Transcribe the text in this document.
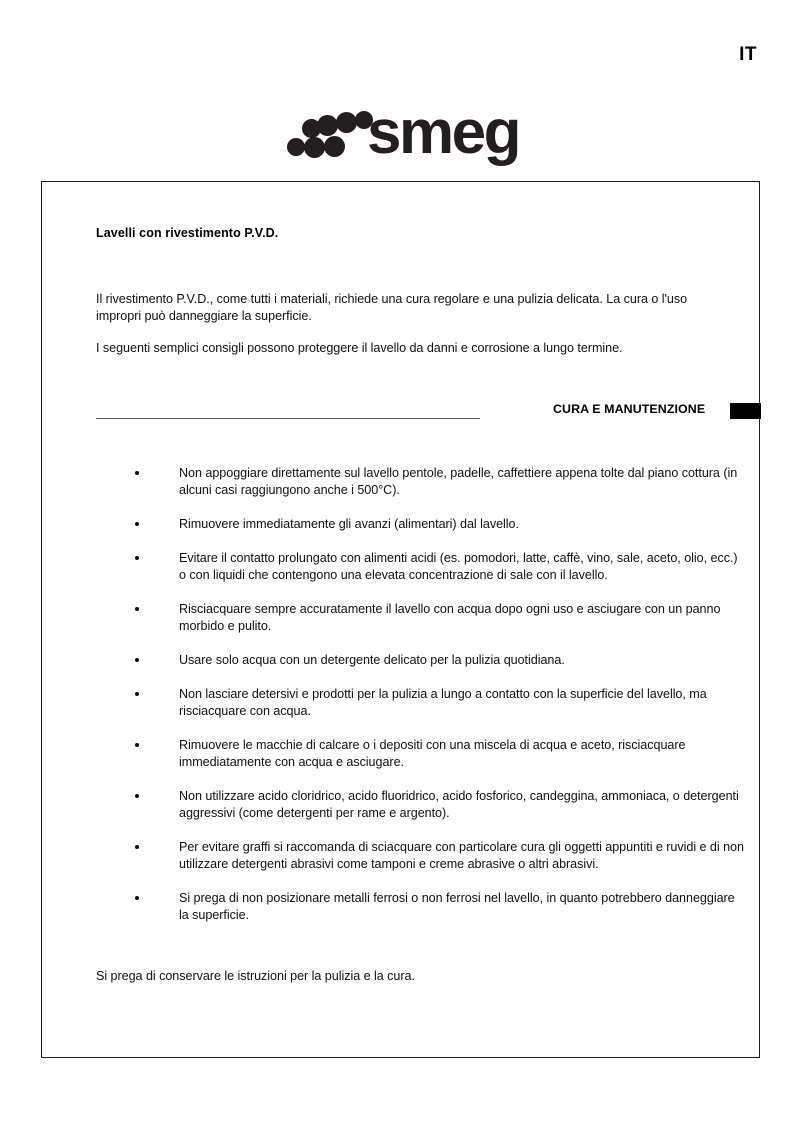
IT
smeg
Lavelli con rivestimento P.V.D.
Il rivestimento P.V.D., come tutti i materiali, richiede una cura regolare e una pulizia delicata. La cura o l'uso impropri può danneggiare la superficie.
I seguenti semplici consigli possono proteggere il lavello da danni e corrosione a lungo termine.
CURA E MANUTENZIONE
Non appoggiare direttamente sul lavello pentole, padelle, caffettiere appena tolte dal piano cottura (in alcuni casi raggiungono anche i 500°C).
Rimuovere immediatamente gli avanzi (alimentari) dal lavello.
Evitare il contatto prolungato con alimenti acidi (es. pomodori, latte, caffè, vino, sale, aceto, olio, ecc.) o con liquidi che contengono una elevata concentrazione di sale con il lavello.
Risciacquare sempre accuratamente il lavello con acqua dopo ogni uso e asciugare con un panno morbido e pulito.
Usare solo acqua con un detergente delicato per la pulizia quotidiana.
Non lasciare detersivi e prodotti per la pulizia a lungo a contatto con la superficie del lavello, ma risciacquare con acqua.
Rimuovere le macchie di calcare o i depositi con una miscela di acqua e aceto, risciacquare immediatamente con acqua e asciugare.
Non utilizzare acido cloridrico, acido fluoridrico, acido fosforico, candeggina, ammoniaca, o detergenti aggressivi (come detergenti per rame e argento).
Per evitare graffi si raccomanda di sciacquare con particolare cura gli oggetti appuntiti e ruvidi e di non utilizzare detergenti abrasivi come tamponi e creme abrasive o altri abrasivi.
Si prega di non posizionare metalli ferrosi o non ferrosi nel lavello, in quanto potrebbero danneggiare la superficie.
Si prega di conservare le istruzioni per la pulizia e la cura.
